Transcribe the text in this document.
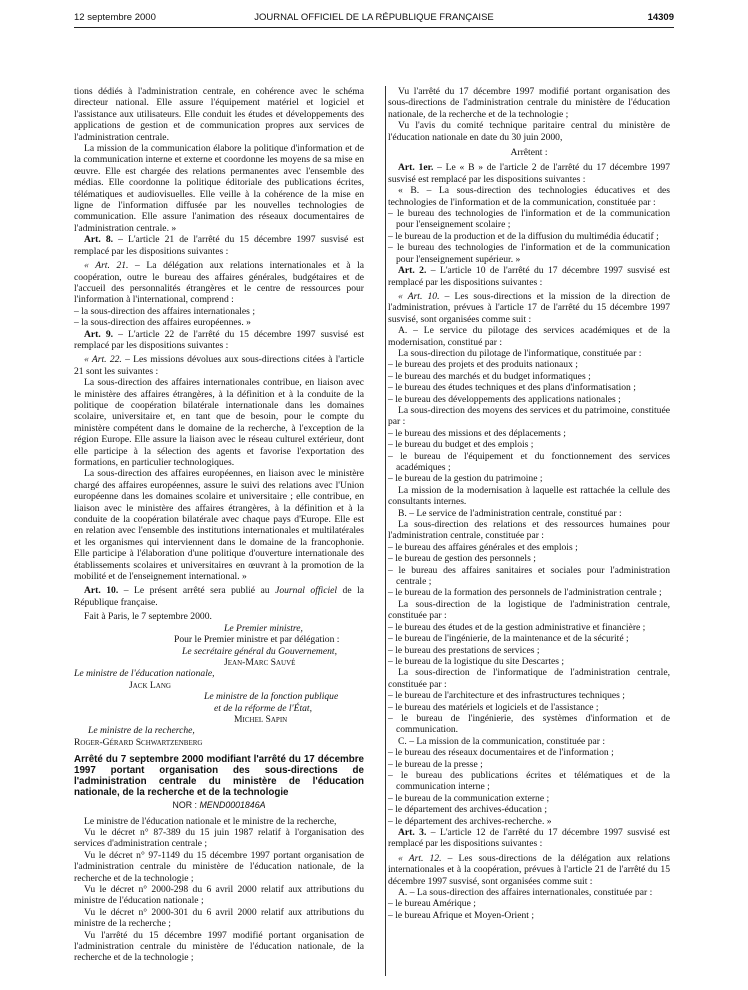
12 septembre 2000	JOURNAL OFFICIEL DE LA RÉPUBLIQUE FRANÇAISE	14309

tions dédiés à l'administration centrale, en cohérence avec le schéma directeur national. Elle assure l'équipement matériel et logiciel et l'assistance aux utilisateurs. Elle conduit les études et développements des applications de gestion et de communication propres aux services de l'administration centrale.

La mission de la communication élabore la politique d'information et de la communication interne et externe et coordonne les moyens de sa mise en œuvre. Elle est chargée des relations permanentes avec l'ensemble des médias. Elle coordonne la politique éditoriale des publications écrites, télématiques et audiovisuelles. Elle veille à la cohérence de la mise en ligne de l'information diffusée par les nouvelles technologies de communication. Elle assure l'animation des réseaux documentaires de l'administration centrale. »

Art. 8. – L'article 21 de l'arrêté du 15 décembre 1997 susvisé est remplacé par les dispositions suivantes :

« Art. 21. – La délégation aux relations internationales et à la coopération, outre le bureau des affaires générales, budgétaires et de l'accueil des personnalités étrangères et le centre de ressources pour l'information à l'international, comprend :

– la sous-direction des affaires internationales ;

– la sous-direction des affaires européennes. »

Art. 9. – L'article 22 de l'arrêté du 15 décembre 1997 susvisé est remplacé par les dispositions suivantes :

« Art. 22. – Les missions dévolues aux sous-directions citées à l'article 21 sont les suivantes :

La sous-direction des affaires internationales contribue, en liaison avec le ministère des affaires étrangères, à la définition et à la conduite de la politique de coopération bilatérale internationale dans les domaines scolaire, universitaire et, en tant que de besoin, pour le compte du ministère compétent dans le domaine de la recherche, à l'exception de la région Europe. Elle assure la liaison avec le réseau culturel extérieur, dont elle participe à la sélection des agents et favorise l'exportation des formations, en particulier technologiques.

La sous-direction des affaires européennes, en liaison avec le ministère chargé des affaires européennes, assure le suivi des relations avec l'Union européenne dans les domaines scolaire et universitaire ; elle contribue, en liaison avec le ministère des affaires étrangères, à la définition et à la conduite de la coopération bilatérale avec chaque pays d'Europe. Elle est en relation avec l'ensemble des institutions internationales et multilatérales et les organismes qui interviennent dans le domaine de la francophonie. Elle participe à l'élaboration d'une politique d'ouverture internationale des établissements scolaires et universitaires en œuvrant à la promotion de la mobilité et de l'enseignement international. »

Art. 10. – Le présent arrêté sera publié au Journal officiel de la République française.

Fait à Paris, le 7 septembre 2000.

Le Premier ministre,

Pour le Premier ministre et par délégation :

Le secrétaire général du Gouvernement,

Jean-Marc Sauvé

Le ministre de l'éducation nationale,

Jack Lang

Le ministre de la fonction publique

et de la réforme de l'État,

Michel Sapin

Le ministre de la recherche,

Roger-Gérard Schwartzenberg

Arrêté du 7 septembre 2000 modifiant l'arrêté du 17 décembre 1997 portant organisation des sous-directions de l'administration centrale du ministère de l'éducation nationale, de la recherche et de la technologie

NOR : MEND0001846A

Le ministre de l'éducation nationale et le ministre de la recherche,

Vu le décret n° 87-389 du 15 juin 1987 relatif à l'organisation des services d'administration centrale ;

Vu le décret n° 97-1149 du 15 décembre 1997 portant organisation de l'administration centrale du ministère de l'éducation nationale, de la recherche et de la technologie ;

Vu le décret n° 2000-298 du 6 avril 2000 relatif aux attributions du ministre de l'éducation nationale ;

Vu le décret n° 2000-301 du 6 avril 2000 relatif aux attributions du ministre de la recherche ;

Vu l'arrêté du 15 décembre 1997 modifié portant organisation de l'administration centrale du ministère de l'éducation nationale, de la recherche et de la technologie ;

Vu l'arrêté du 17 décembre 1997 modifié portant organisation des sous-directions de l'administration centrale du ministère de l'éducation nationale, de la recherche et de la technologie ;

Vu l'avis du comité technique paritaire central du ministère de l'éducation nationale en date du 30 juin 2000,

Arrêtent :

Art. 1er. – Le « B » de l'article 2 de l'arrêté du 17 décembre 1997 susvisé est remplacé par les dispositions suivantes :

« B. – La sous-direction des technologies éducatives et des technologies de l'information et de la communication, constituée par :

– le bureau des technologies de l'information et de la communication pour l'enseignement scolaire ;

– le bureau de la production et de la diffusion du multimédia éducatif ;

– le bureau des technologies de l'information et de la communication pour l'enseignement supérieur. »

Art. 2. – L'article 10 de l'arrêté du 17 décembre 1997 susvisé est remplacé par les dispositions suivantes :

« Art. 10. – Les sous-directions et la mission de la direction de l'administration, prévues à l'article 17 de l'arrêté du 15 décembre 1997 susvisé, sont organisées comme suit :

A. – Le service du pilotage des services académiques et de la modernisation, constitué par :

La sous-direction du pilotage de l'informatique, constituée par :

– le bureau des projets et des produits nationaux ;

– le bureau des marchés et du budget informatiques ;

– le bureau des études techniques et des plans d'informatisation ;

– le bureau des développements des applications nationales ;

La sous-direction des moyens des services et du patrimoine, constituée par :

– le bureau des missions et des déplacements ;

– le bureau du budget et des emplois ;

– le bureau de l'équipement et du fonctionnement des services académiques ;

– le bureau de la gestion du patrimoine ;

La mission de la modernisation à laquelle est rattachée la cellule des consultants internes.

B. – Le service de l'administration centrale, constitué par :

La sous-direction des relations et des ressources humaines pour l'administration centrale, constituée par :

– le bureau des affaires générales et des emplois ;

– le bureau de gestion des personnels ;

– le bureau des affaires sanitaires et sociales pour l'administration centrale ;

– le bureau de la formation des personnels de l'administration centrale ;

La sous-direction de la logistique de l'administration centrale, constituée par :

– le bureau des études et de la gestion administrative et financière ;

– le bureau de l'ingénierie, de la maintenance et de la sécurité ;

– le bureau des prestations de services ;

– le bureau de la logistique du site Descartes ;

La sous-direction de l'informatique de l'administration centrale, constituée par :

– le bureau de l'architecture et des infrastructures techniques ;

– le bureau des matériels et logiciels et de l'assistance ;

– le bureau de l'ingénierie, des systèmes d'information et de communication.

C. – La mission de la communication, constituée par :

– le bureau des réseaux documentaires et de l'information ;

– le bureau de la presse ;

– le bureau des publications écrites et télématiques et de la communication interne ;

– le bureau de la communication externe ;

– le département des archives-éducation ;

– le département des archives-recherche. »

Art. 3. – L'article 12 de l'arrêté du 17 décembre 1997 susvisé est remplacé par les dispositions suivantes :

« Art. 12. – Les sous-directions de la délégation aux relations internationales et à la coopération, prévues à l'article 21 de l'arrêté du 15 décembre 1997 susvisé, sont organisées comme suit :

A. – La sous-direction des affaires internationales, constituée par :

– le bureau Amérique ;

– le bureau Afrique et Moyen-Orient ;
